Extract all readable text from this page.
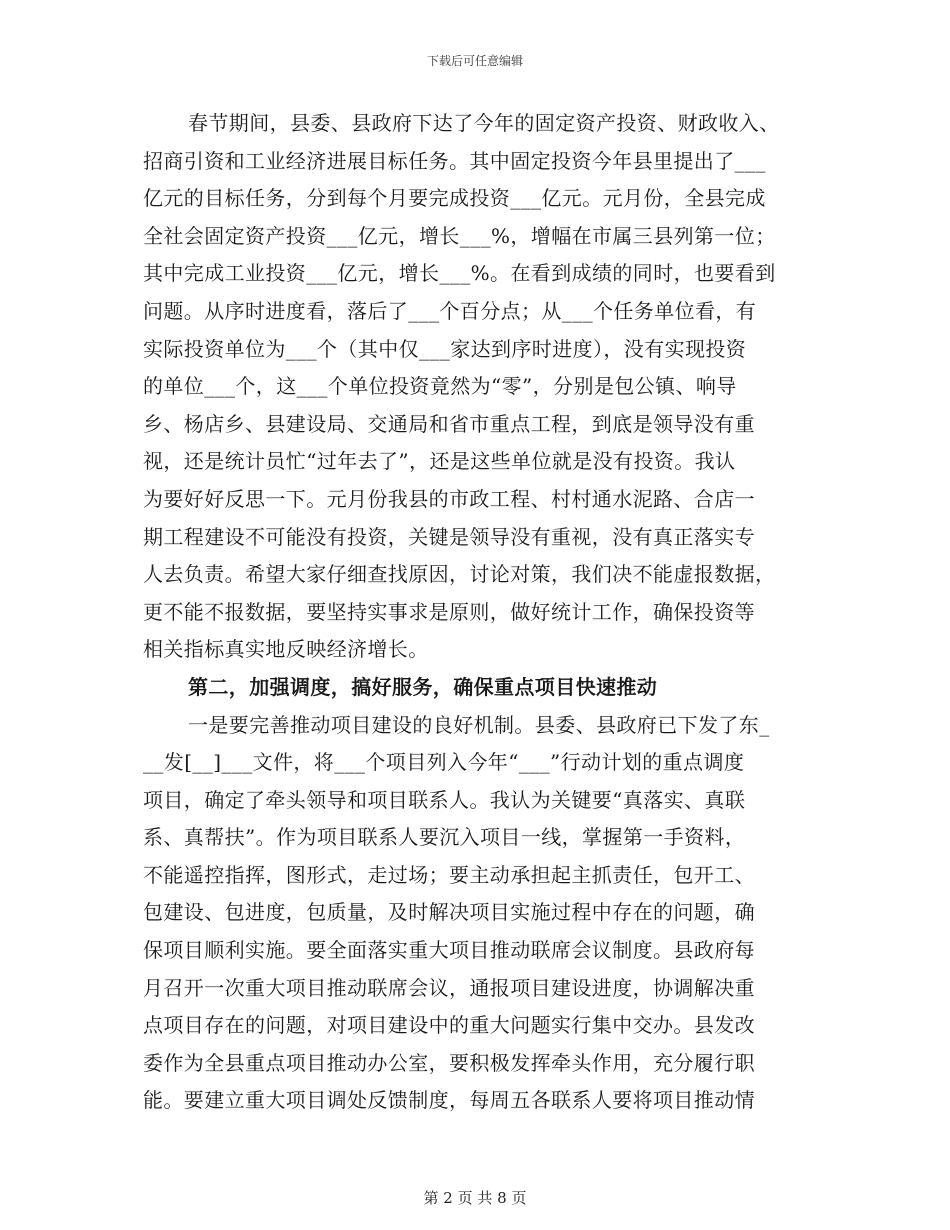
下载后可任意编辑
春节期间，县委、县政府下达了今年的固定资产投资、财政收入、
招商引资和工业经济进展目标任务。其中固定投资今年县里提出了___
亿元的目标任务，分到每个月要完成投资___亿元。元月份，全县完成
全社会固定资产投资___亿元，增长___%，增幅在市属三县列第一位；
其中完成工业投资___亿元，增长___%。在看到成绩的同时，也要看到
问题。从序时进度看，落后了___个百分点；从___个任务单位看，有
实际投资单位为___个（其中仅___家达到序时进度），没有实现投资
的单位___个，这___个单位投资竟然为“零”，分别是包公镇、响导
乡、杨店乡、县建设局、交通局和省市重点工程，到底是领导没有重
视，还是统计员忙“过年去了”，还是这些单位就是没有投资。我认
为要好好反思一下。元月份我县的市政工程、村村通水泥路、合店一
期工程建设不可能没有投资，关键是领导没有重视，没有真正落实专
人去负责。希望大家仔细查找原因，讨论对策，我们决不能虚报数据，
更不能不报数据，要坚持实事求是原则，做好统计工作，确保投资等
相关指标真实地反映经济增长。
第二，加强调度，搞好服务，确保重点项目快速推动
一是要完善推动项目建设的良好机制。县委、县政府已下发了东_
__发[__]___文件，将___个项目列入今年“___”行动计划的重点调度
项目，确定了牵头领导和项目联系人。我认为关键要“真落实、真联
系、真帮扶”。作为项目联系人要沉入项目一线，掌握第一手资料，
不能遥控指挥，图形式，走过场；要主动承担起主抓责任，包开工、
包建设、包进度，包质量，及时解决项目实施过程中存在的问题，确
保项目顺利实施。要全面落实重大项目推动联席会议制度。县政府每
月召开一次重大项目推动联席会议，通报项目建设进度，协调解决重
点项目存在的问题，对项目建设中的重大问题实行集中交办。县发改
委作为全县重点项目推动办公室，要积极发挥牵头作用，充分履行职
能。要建立重大项目调处反馈制度，每周五各联系人要将项目推动情
第 2 页 共 8 页
